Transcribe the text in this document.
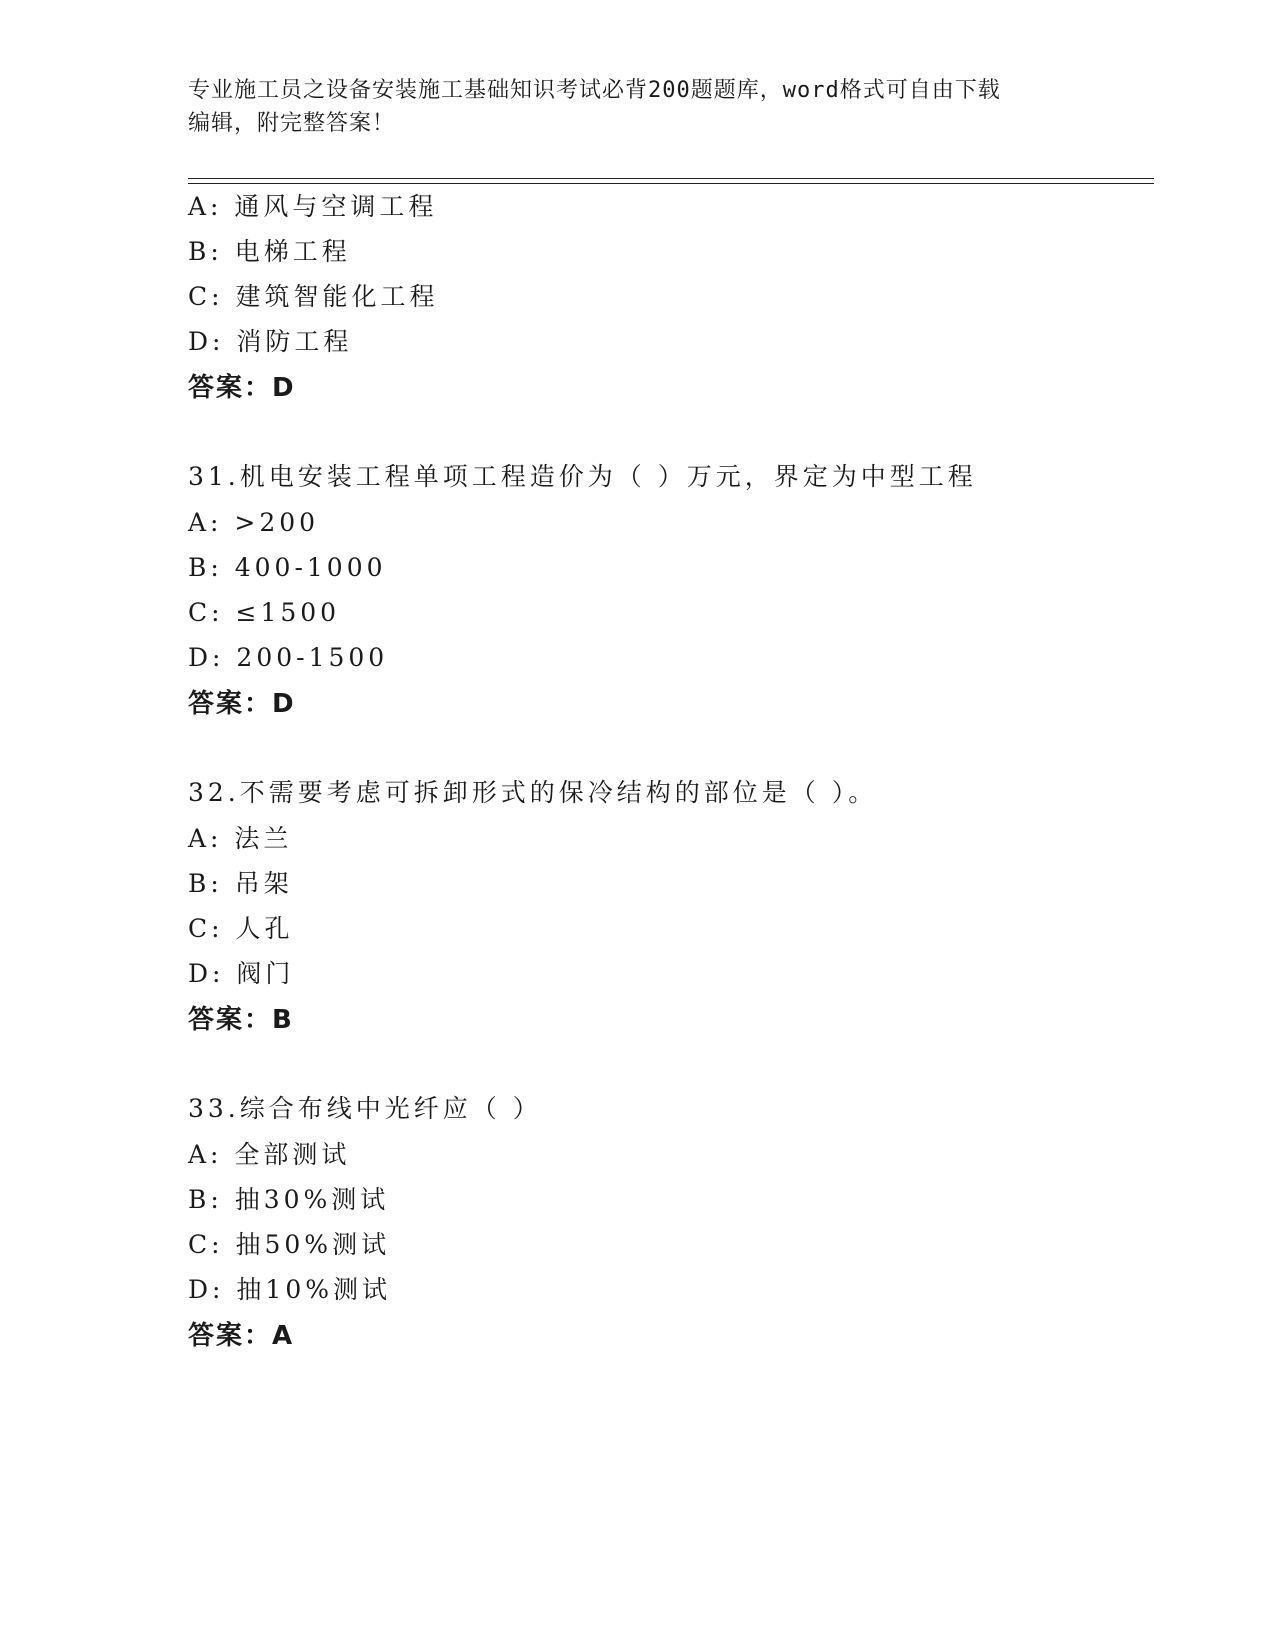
专业施工员之设备安装施工基础知识考试必背200题题库，word格式可自由下载
编辑，附完整答案！
A: 通风与空调工程
B: 电梯工程
C: 建筑智能化工程
D: 消防工程
答案：D
31.机电安装工程单项工程造价为（ ）万元，界定为中型工程
A: >200
B: 400-1000
C: ≤1500
D: 200-1500
答案：D
32.不需要考虑可拆卸形式的保冷结构的部位是（ ）。
A: 法兰
B: 吊架
C: 人孔
D: 阀门
答案：B
33.综合布线中光纤应（ ）
A: 全部测试
B: 抽30%测试
C: 抽50%测试
D: 抽10%测试
答案：A
